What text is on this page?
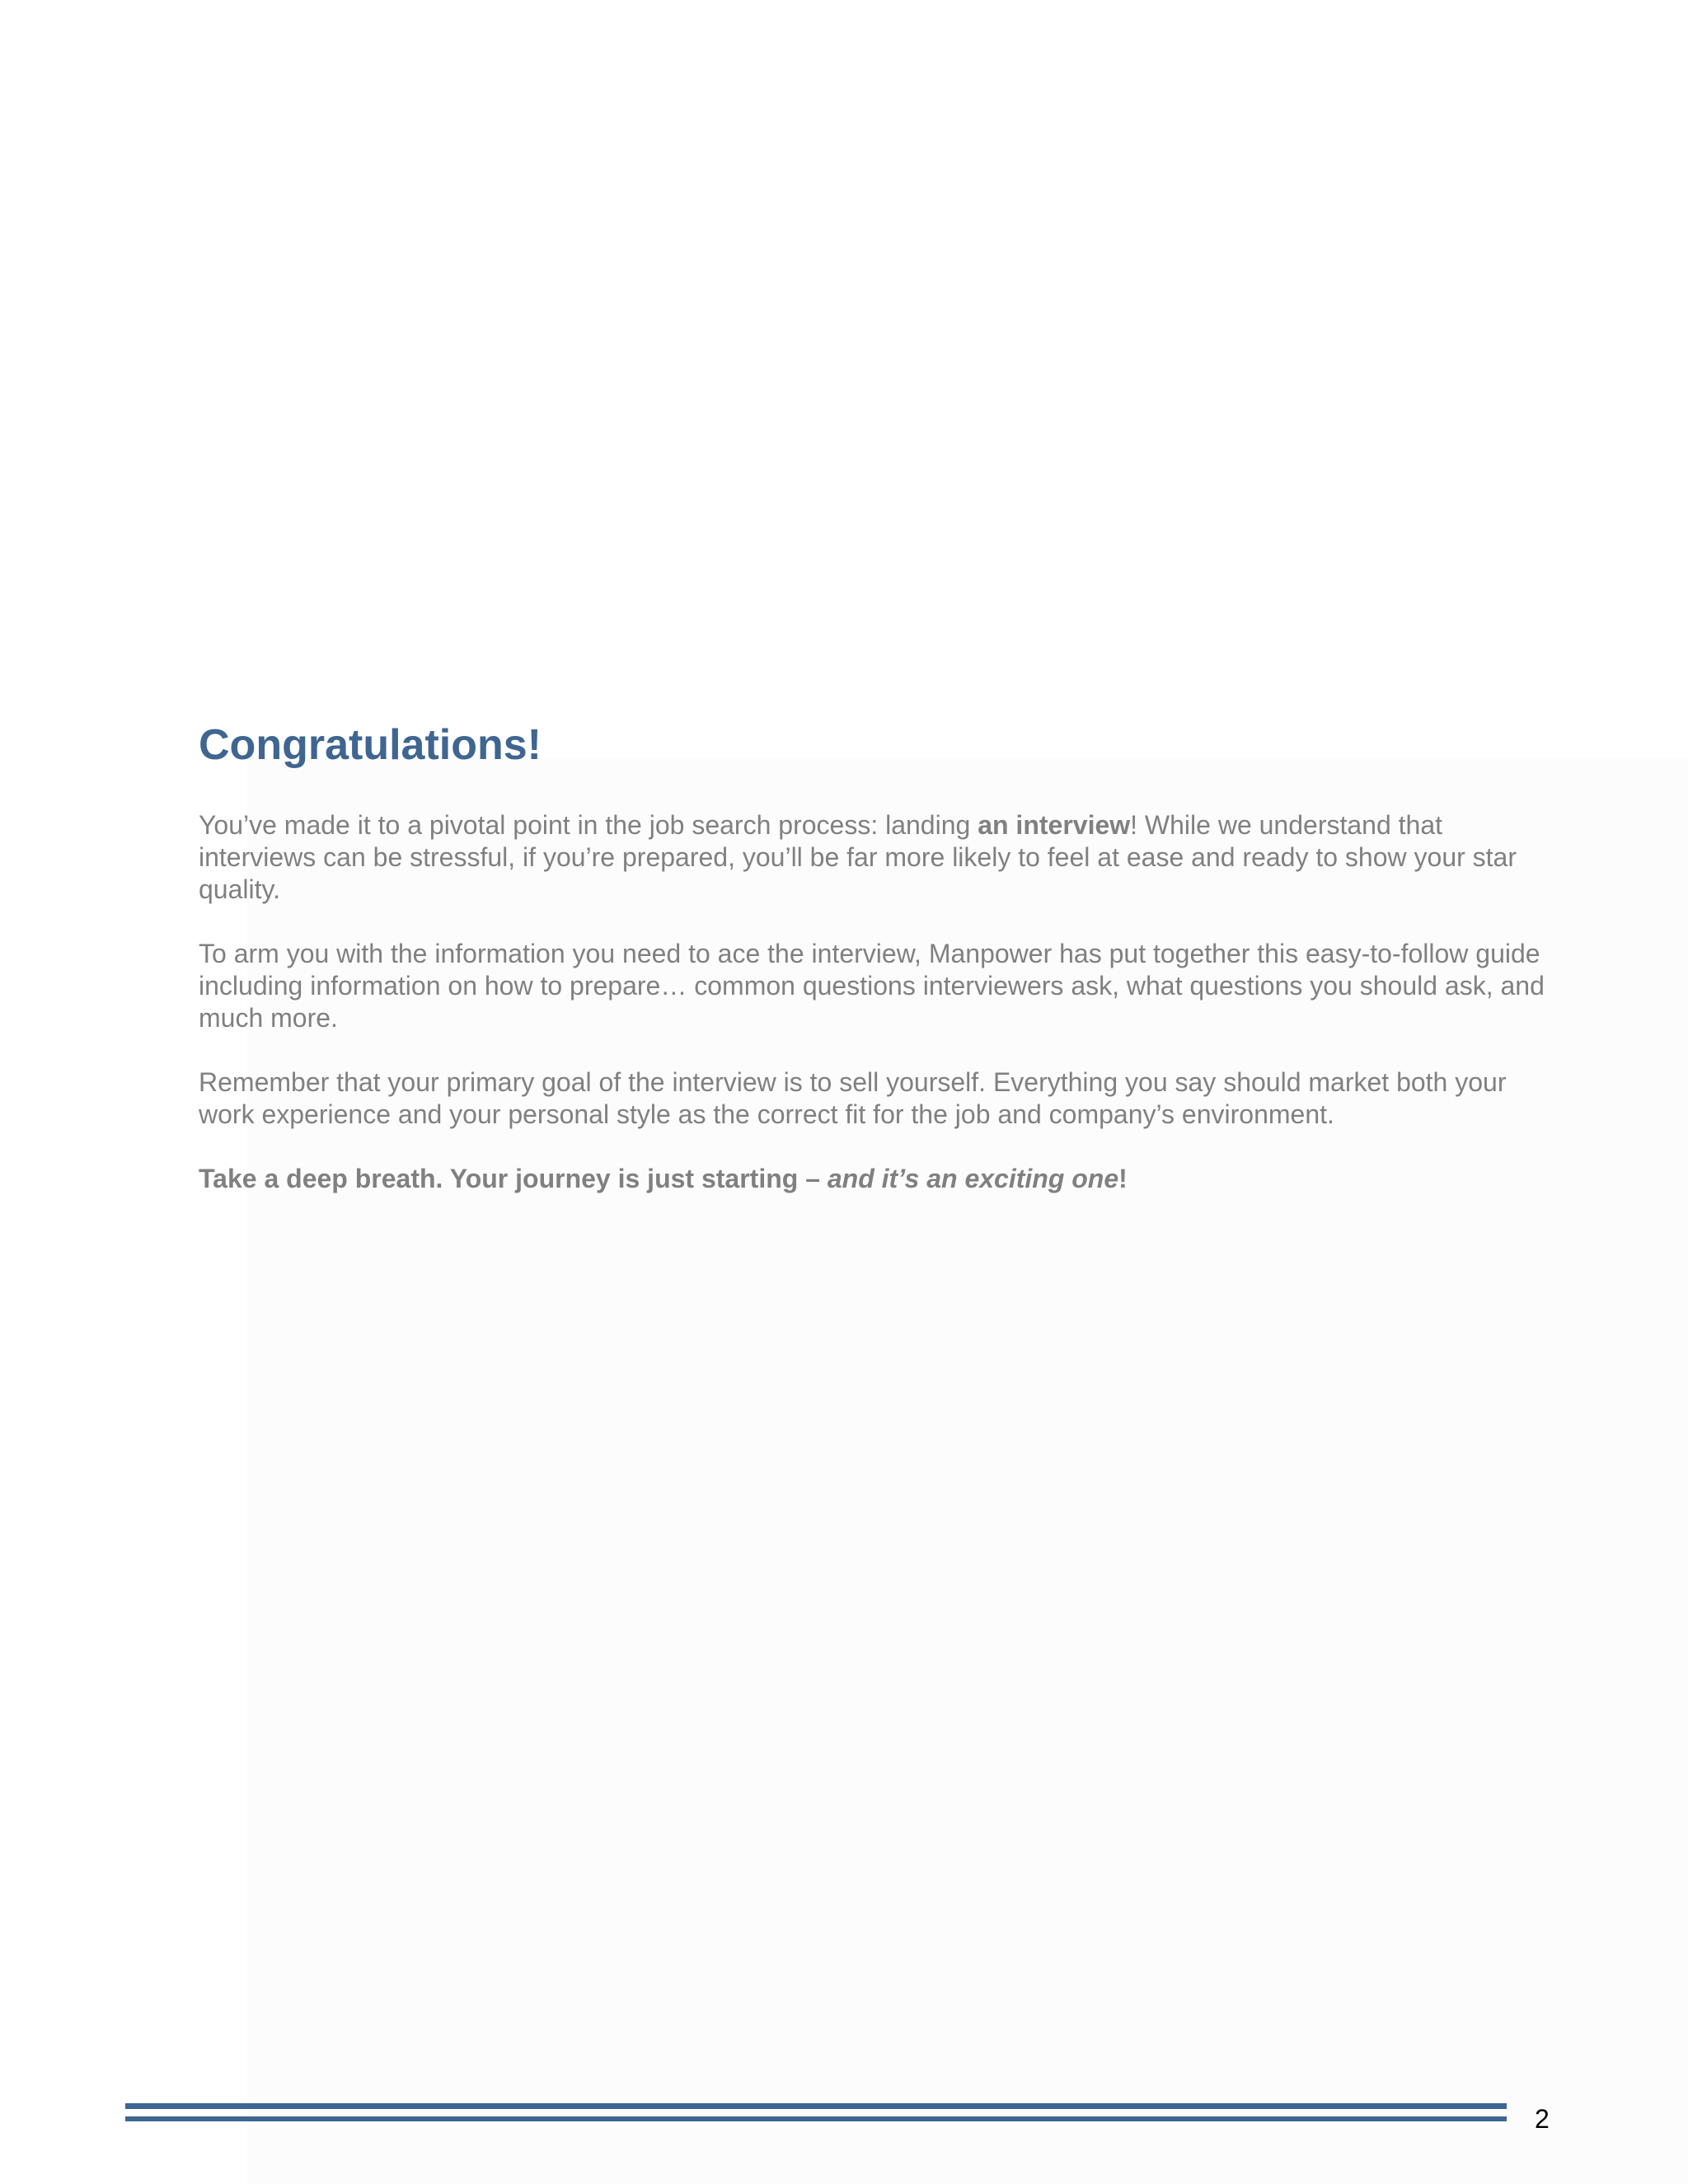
Congratulations!

You’ve made it to a pivotal point in the job search process: landing an interview! While we understand that interviews can be stressful, if you’re prepared, you’ll be far more likely to feel at ease and ready to show your star quality.

To arm you with the information you need to ace the interview, Manpower has put together this easy-to-follow guide including information on how to prepare… common questions interviewers ask, what questions you should ask, and much more.

Remember that your primary goal of the interview is to sell yourself. Everything you say should market both your work experience and your personal style as the correct fit for the job and company’s environment.

Take a deep breath. Your journey is just starting – and it’s an exciting one!

2
